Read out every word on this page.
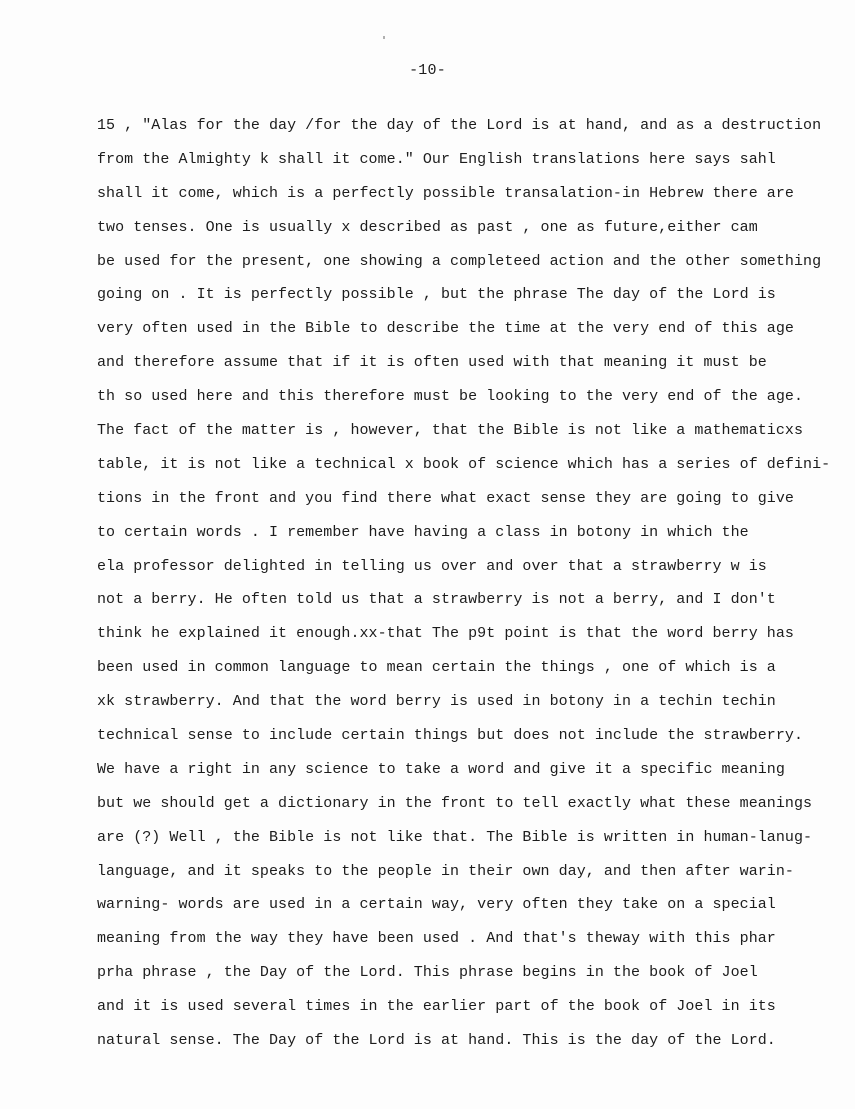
-10-
15 , "Alas for the day /for the day of the Lord is at hand, and as a destruction
from the Almighty k shall it come." Our English translations here says sahl
shall it come, which is a perfectly possible transalation-in Hebrew there are
two tenses. One is usually x described as past , one as future,either cam
be used for the present, one showing a completeed action and the other something
going on . It is perfectly possible , but the phrase The day of the Lord is
very often used in the Bible to describe the time at the very end of this age
and therefore assume that if it is often used with that meaning it must be
th so used here and this therefore must be looking to the very end of the age.
The fact of the matter is , however, that the Bible is not like a mathematicxs
table, it is not like a technical x book of science which has a series of defini-
tions in the front and you find there what exact sense they are going to give
to certain words . I remember have having a class in botony in which the
ela professor delighted in telling us over and over that a strawberry w is
not a berry. He often told us that a strawberry is not a berry, and I don't
think he explained it enough.xx-that The p9t point is that the word berry has
been used in common language to mean certain the things , one of which is a
xk strawberry. And that the word berry is used in botony in a techin techin
technical sense to include certain things but does not include the strawberry.
We have a right in any science to take a word and give it a specific meaning
but we should get a dictionary in the front to tell exactly what these meanings
are (?) Well , the Bible is not like that. The Bible is written in human-lanug-
language, and it speaks to the people in their own day, and then after warin-
warning- words are used in a certain way, very often they take on a special
meaning from the way they have been used . And that's theway with this phar
prha phrase , the Day of the Lord. This phrase begins in the book of Joel
and it is used several times in the earlier part of the book of Joel in its
natural sense. The Day of the Lord is at hand. This is the day of the Lord.
